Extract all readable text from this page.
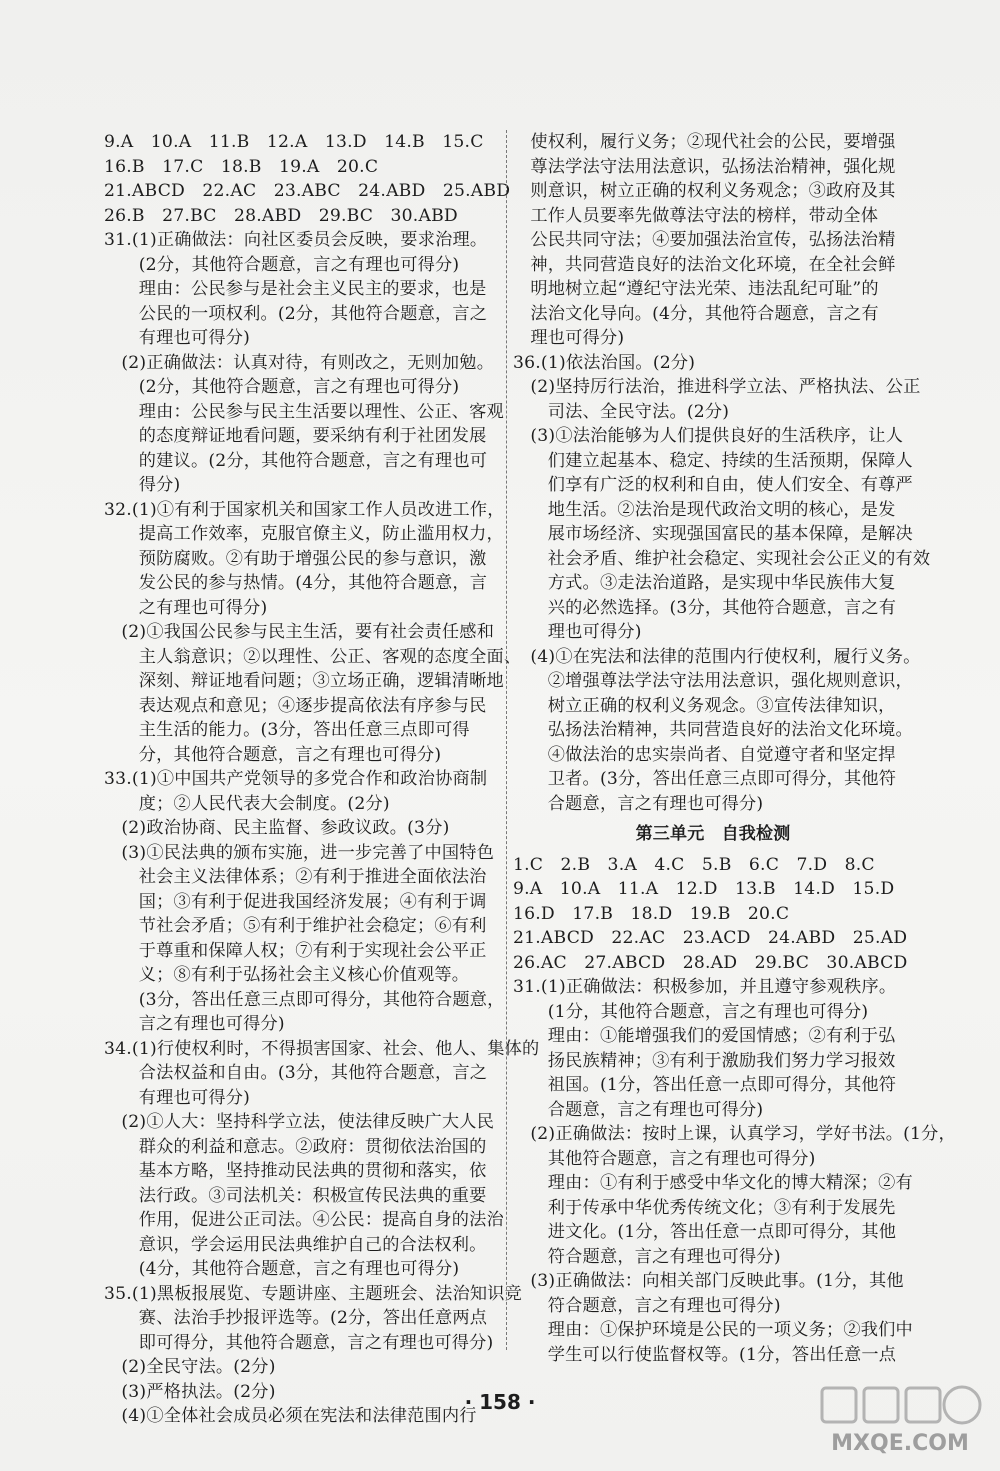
9.A　10.A　11.B　12.A　13.D　14.B　15.C
16.B　17.C　18.B　19.A　20.C
21.ABCD　22.AC　23.ABC　24.ABD　25.ABD
26.B　27.BC　28.ABD　29.BC　30.ABD
31.(1)正确做法：向社区委员会反映，要求治理。
　　(2分，其他符合题意，言之有理也可得分)
　　理由：公民参与是社会主义民主的要求，也是
　　公民的一项权利。(2分，其他符合题意，言之
　　有理也可得分)
　(2)正确做法：认真对待，有则改之，无则加勉。
　　(2分，其他符合题意，言之有理也可得分)
　　理由：公民参与民主生活要以理性、公正、客观
　　的态度辩证地看问题，要采纳有利于社团发展
　　的建议。(2分，其他符合题意，言之有理也可
　　得分)
32.(1)①有利于国家机关和国家工作人员改进工作，
　　提高工作效率，克服官僚主义，防止滥用权力，
　　预防腐败。②有助于增强公民的参与意识，激
　　发公民的参与热情。(4分，其他符合题意，言
　　之有理也可得分)
　(2)①我国公民参与民主生活，要有社会责任感和
　　主人翁意识；②以理性、公正、客观的态度全面、
　　深刻、辩证地看问题；③立场正确，逻辑清晰地
　　表达观点和意见；④逐步提高依法有序参与民
　　主生活的能力。(3分，答出任意三点即可得
　　分，其他符合题意，言之有理也可得分)
33.(1)①中国共产党领导的多党合作和政治协商制
　　度；②人民代表大会制度。(2分)
　(2)政治协商、民主监督、参政议政。(3分)
　(3)①民法典的颁布实施，进一步完善了中国特色
　　社会主义法律体系；②有利于推进全面依法治
　　国；③有利于促进我国经济发展；④有利于调
　　节社会矛盾；⑤有利于维护社会稳定；⑥有利
　　于尊重和保障人权；⑦有利于实现社会公平正
　　义；⑧有利于弘扬社会主义核心价值观等。
　　(3分，答出任意三点即可得分，其他符合题意，
　　言之有理也可得分)
34.(1)行使权利时，不得损害国家、社会、他人、集体的
　　合法权益和自由。(3分，其他符合题意，言之
　　有理也可得分)
　(2)①人大：坚持科学立法，使法律反映广大人民
　　群众的利益和意志。②政府：贯彻依法治国的
　　基本方略，坚持推动民法典的贯彻和落实，依
　　法行政。③司法机关：积极宣传民法典的重要
　　作用，促进公正司法。④公民：提高自身的法治
　　意识，学会运用民法典维护自己的合法权利。
　　(4分，其他符合题意，言之有理也可得分)
35.(1)黑板报展览、专题讲座、主题班会、法治知识竞
　　赛、法治手抄报评选等。(2分，答出任意两点
　　即可得分，其他符合题意，言之有理也可得分)
　(2)全民守法。(2分)
　(3)严格执法。(2分)
　(4)①全体社会成员必须在宪法和法律范围内行
　使权利，履行义务；②现代社会的公民，要增强
　尊法学法守法用法意识，弘扬法治精神，强化规
　则意识，树立正确的权利义务观念；③政府及其
　工作人员要率先做尊法守法的榜样，带动全体
　公民共同守法；④要加强法治宣传，弘扬法治精
　神，共同营造良好的法治文化环境，在全社会鲜
　明地树立起“遵纪守法光荣、违法乱纪可耻”的
　法治文化导向。(4分，其他符合题意，言之有
　理也可得分)
36.(1)依法治国。(2分)
　(2)坚持厉行法治，推进科学立法、严格执法、公正
　　司法、全民守法。(2分)
　(3)①法治能够为人们提供良好的生活秩序，让人
　　们建立起基本、稳定、持续的生活预期，保障人
　　们享有广泛的权利和自由，使人们安全、有尊严
　　地生活。②法治是现代政治文明的核心，是发
　　展市场经济、实现强国富民的基本保障，是解决
　　社会矛盾、维护社会稳定、实现社会公正义的有效
　　方式。③走法治道路，是实现中华民族伟大复
　　兴的必然选择。(3分，其他符合题意，言之有
　　理也可得分)
　(4)①在宪法和法律的范围内行使权利，履行义务。
　　②增强尊法学法守法用法意识，强化规则意识，
　　树立正确的权利义务观念。③宣传法律知识，
　　弘扬法治精神，共同营造良好的法治文化环境。
　　④做法治的忠实崇尚者、自觉遵守者和坚定捍
　　卫者。(3分，答出任意三点即可得分，其他符
　　合题意，言之有理也可得分)
第三单元　自我检测
1.C　2.B　3.A　4.C　5.B　6.C　7.D　8.C
9.A　10.A　11.A　12.D　13.B　14.D　15.D
16.D　17.B　18.D　19.B　20.C
21.ABCD　22.AC　23.ACD　24.ABD　25.AD
26.AC　27.ABCD　28.AD　29.BC　30.ABCD
31.(1)正确做法：积极参加，并且遵守参观秩序。
　　(1分，其他符合题意，言之有理也可得分)
　　理由：①能增强我们的爱国情感；②有利于弘
　　扬民族精神；③有利于激励我们努力学习报效
　　祖国。(1分，答出任意一点即可得分，其他符
　　合题意，言之有理也可得分)
　(2)正确做法：按时上课，认真学习，学好书法。(1分，
　　其他符合题意，言之有理也可得分)
　　理由：①有利于感受中华文化的博大精深；②有
　　利于传承中华优秀传统文化；③有利于发展先
　　进文化。(1分，答出任意一点即可得分，其他
　　符合题意，言之有理也可得分)
　(3)正确做法：向相关部门反映此事。(1分，其他
　　符合题意，言之有理也可得分)
　　理由：①保护环境是公民的一项义务；②我们中
　　学生可以行使监督权等。(1分，答出任意一点
· 158 ·
MXQE.COM
